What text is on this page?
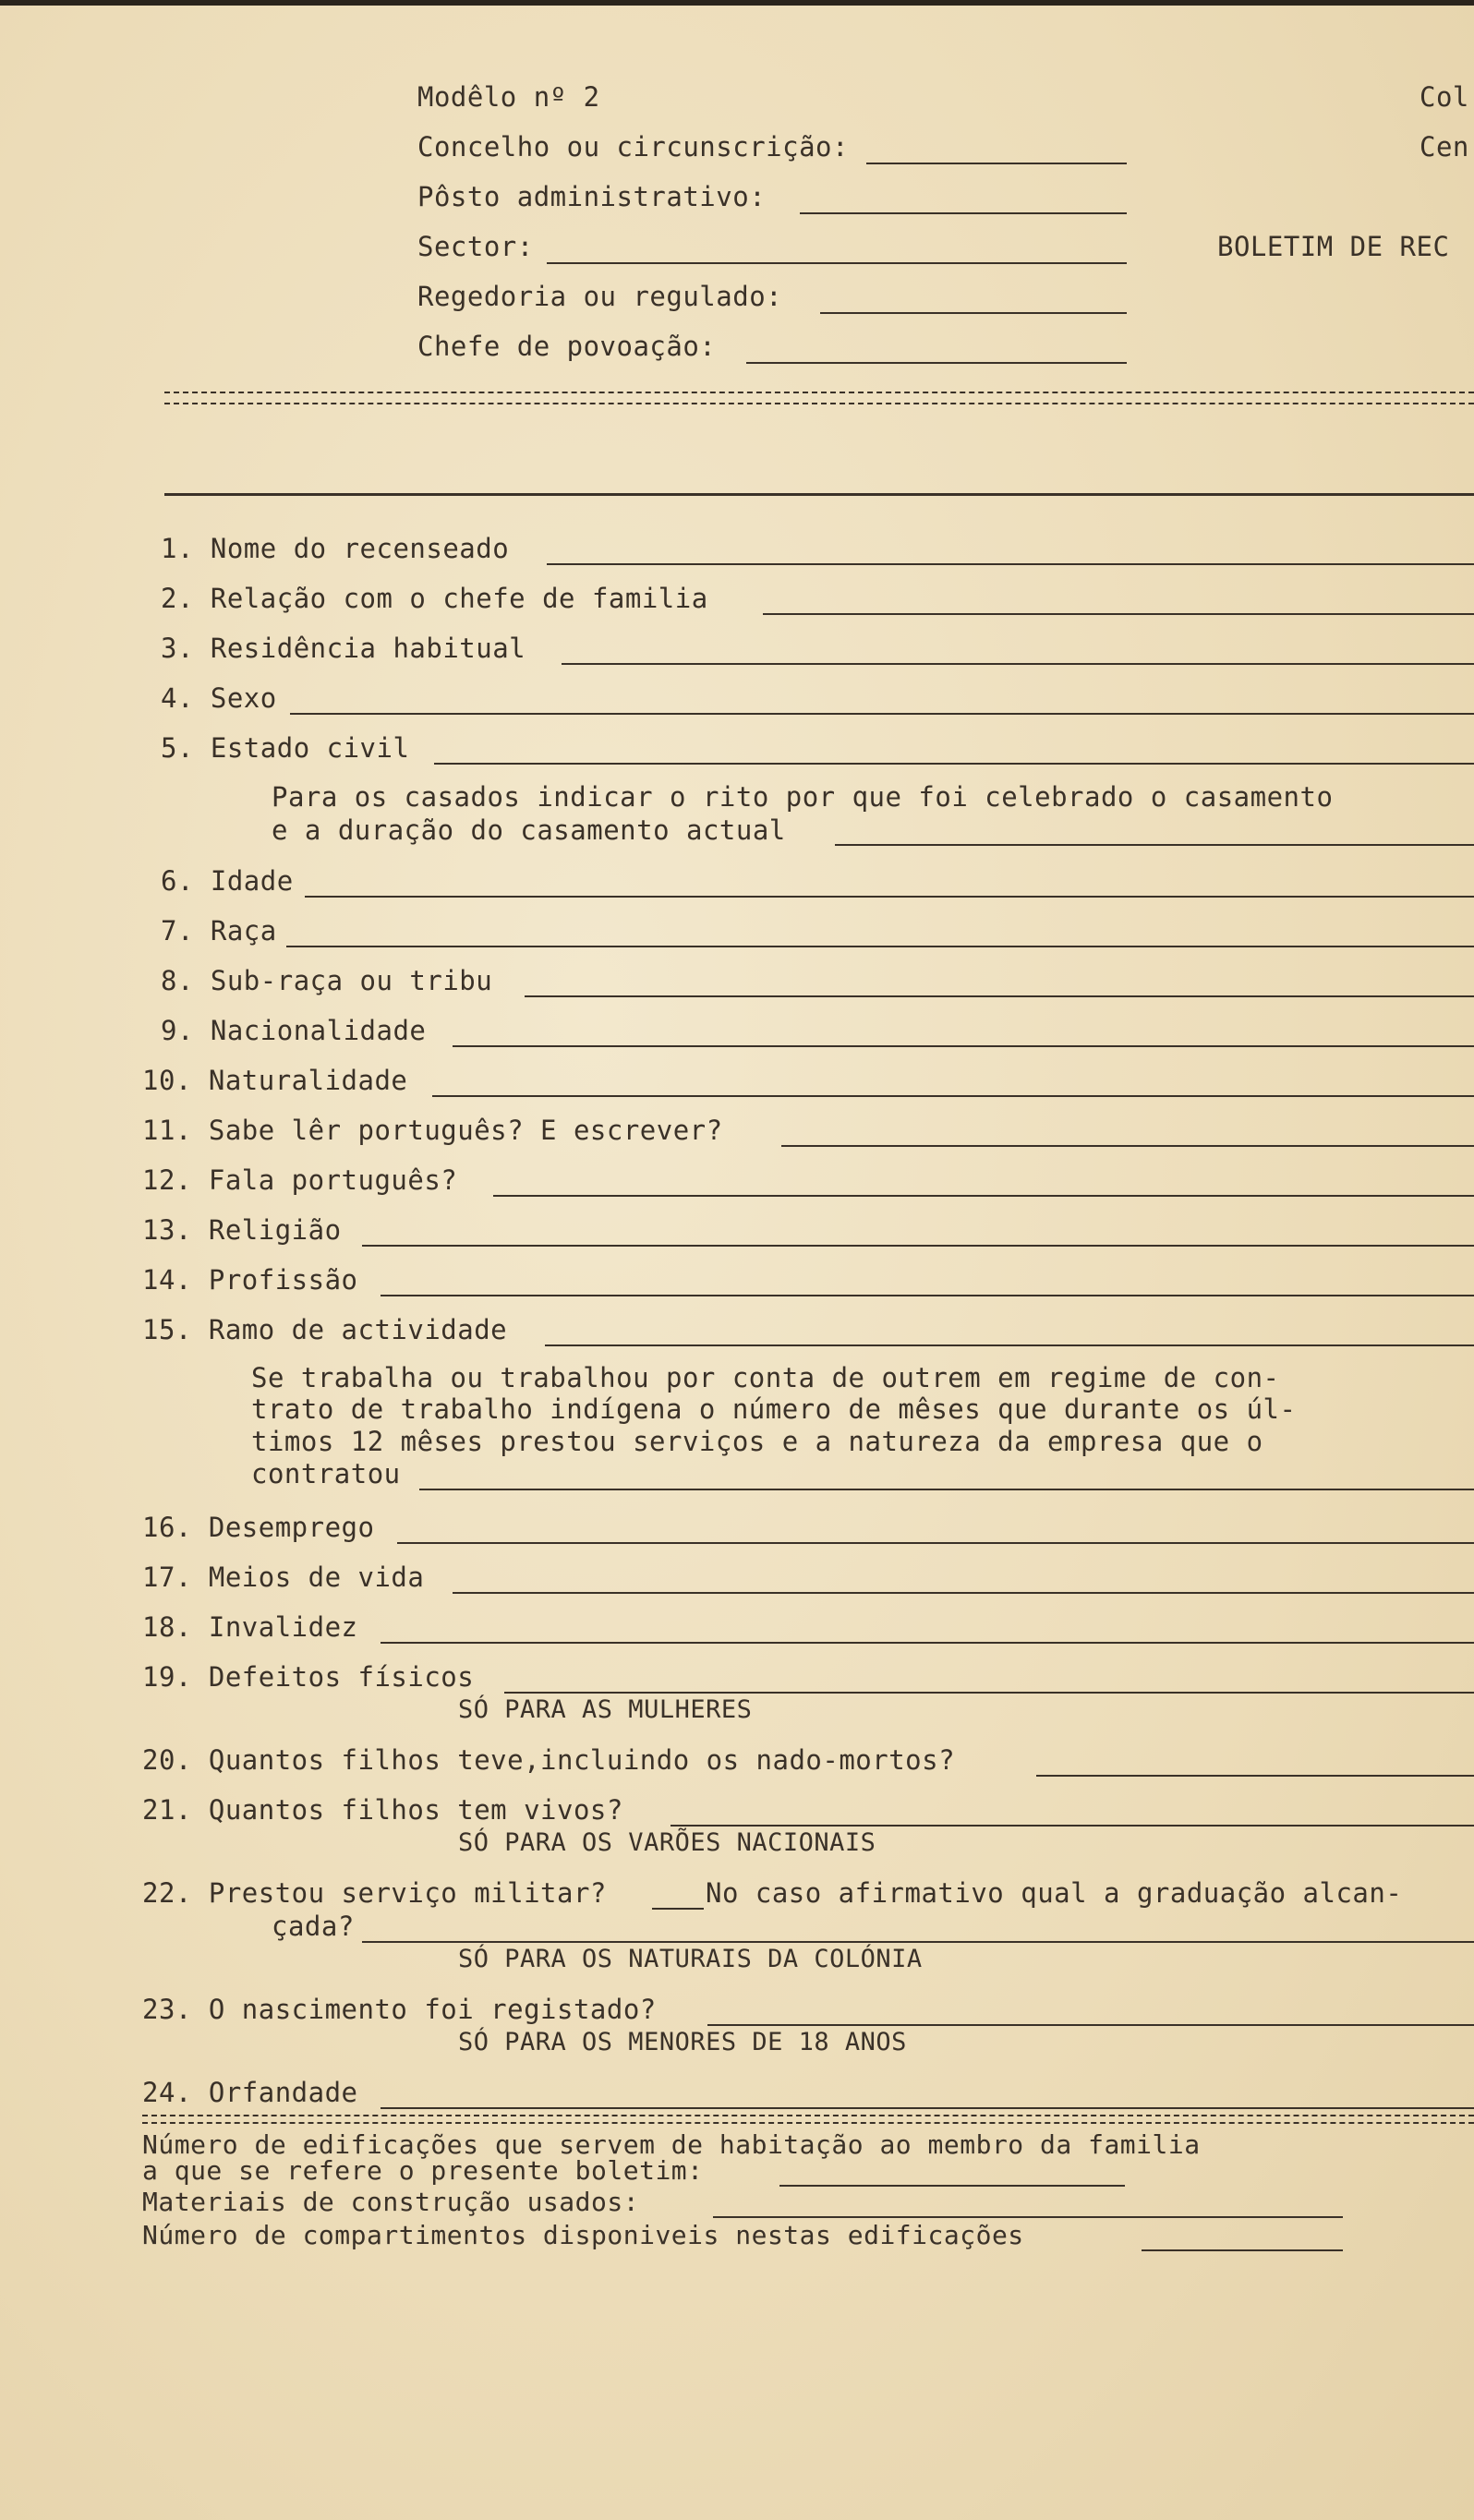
Modêlo nº 2	Col
Concelho ou circunscrição:	Cen
Pôsto administrativo:
Sector:	BOLETIM DE REC
Regedoria ou regulado:
Chefe de povoação:
1. Nome do recenseado
2. Relação com o chefe de familia
3. Residência habitual
4. Sexo
5. Estado civil
Para os casados indicar o rito por que foi celebrado o casamento
e a duração do casamento actual
6. Idade
7. Raça
8. Sub-raça ou tribu
9. Nacionalidade
10. Naturalidade
11. Sabe lêr português? E escrever?
12. Fala português?
13. Religião
14. Profissão
15. Ramo de actividade
Se trabalha ou trabalhou por conta de outrem em regime de con-
trato de trabalho indígena o número de mêses que durante os úl-
timos 12 mêses prestou serviços e a natureza da empresa que o
contratou
16. Desemprego
17. Meios de vida
18. Invalidez
19. Defeitos físicos
SÓ PARA AS MULHERES
20. Quantos filhos teve,incluindo os nado-mortos?
21. Quantos filhos tem vivos?
SÓ PARA OS VARÕES NACIONAIS
22. Prestou serviço militar?	No caso afirmativo qual a graduação alcan-
çada?
SÓ PARA OS NATURAIS DA COLÓNIA
23. O nascimento foi registado?
SÓ PARA OS MENORES DE 18 ANOS
24. Orfandade
Número de edificações que servem de habitação ao membro da familia
a que se refere o presente boletim:
Materiais de construção usados:
Número de compartimentos disponiveis nestas edificações
